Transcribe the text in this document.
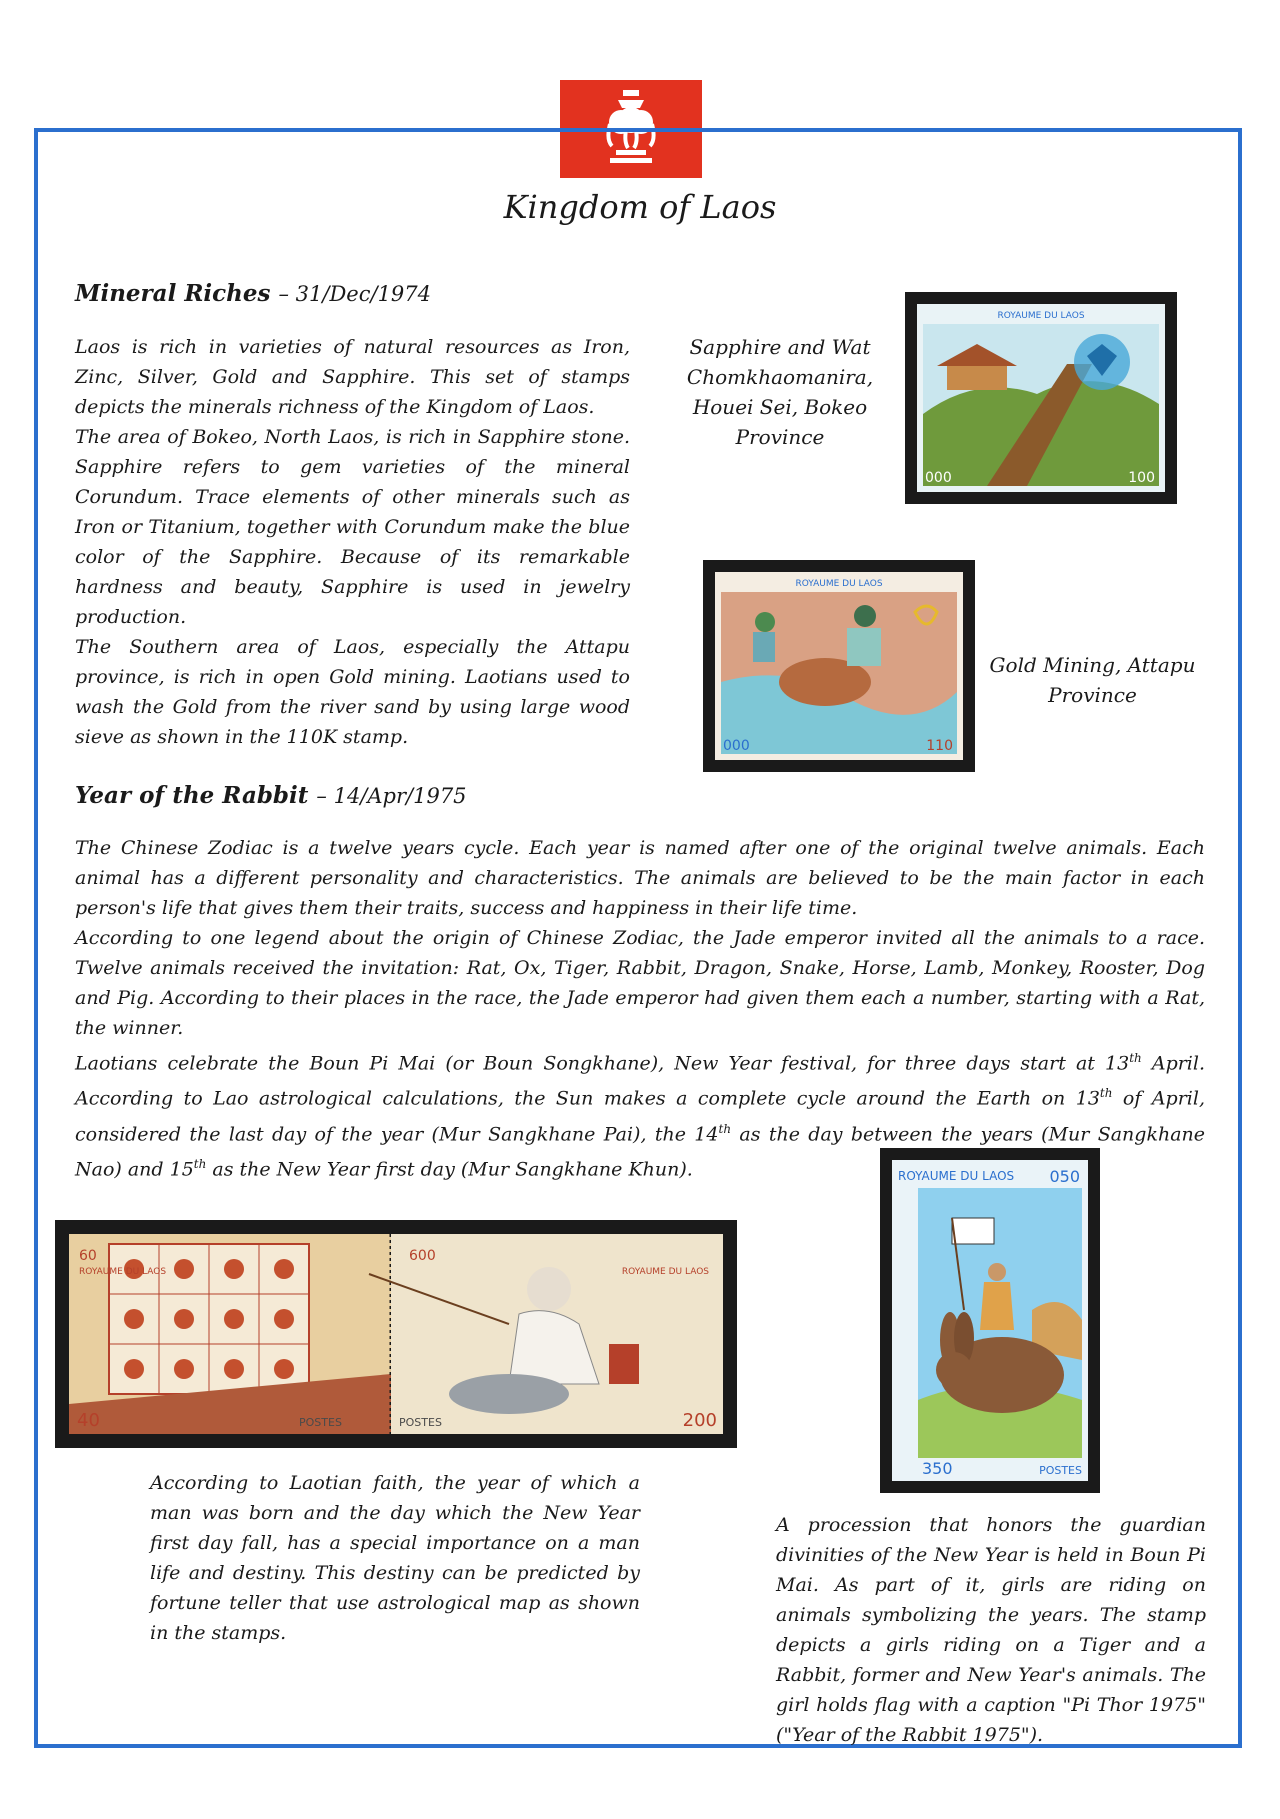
Kingdom of Laos
Mineral Riches – 31/Dec/1974

Laos is rich in varieties of natural resources as Iron, Zinc, Silver, Gold and Sapphire. This set of stamps depicts the minerals richness of the Kingdom of Laos.

The area of Bokeo, North Laos, is rich in Sapphire stone. Sapphire refers to gem varieties of the mineral Corundum. Trace elements of other minerals such as Iron or Titanium, together with Corundum make the blue color of the Sapphire. Because of its remarkable hardness and beauty, Sapphire is used in jewelry production.

The Southern area of Laos, especially the Attapu province, is rich in open Gold mining. Laotians used to wash the Gold from the river sand by using large wood sieve as shown in the 110K stamp.

Sapphire and Wat Chomkhaomanira, Houei Sei, Bokeo Province
ROYAUME DU LAOS
000	100
ROYAUME DU LAOS
000	110
Gold Mining, Attapu Province
Year of the Rabbit – 14/Apr/1975

The Chinese Zodiac is a twelve years cycle. Each year is named after one of the original twelve animals. Each animal has a different personality and characteristics. The animals are believed to be the main factor in each person's life that gives them their traits, success and happiness in their life time.

According to one legend about the origin of Chinese Zodiac, the Jade emperor invited all the animals to a race. Twelve animals received the invitation: Rat, Ox, Tiger, Rabbit, Dragon, Snake, Horse, Lamb, Monkey, Rooster, Dog and Pig. According to their places in the race, the Jade emperor had given them each a number, starting with a Rat, the winner.

Laotians celebrate the Boun Pi Mai (or Boun Songkhane), New Year festival, for three days start at 13th April. According to Lao astrological calculations, the Sun makes a complete cycle around the Earth on 13th of April, considered the last day of the year (Mur Sangkhane Pai), the 14th as the day between the years (Mur Sangkhane Nao) and 15th as the New Year first day (Mur Sangkhane Khun).

60
40	POSTES
600
200
POSTES
ROYAUME DU LAOS
ROYAUME DU LAOS
According to Laotian faith, the year of which a man was born and the day which the New Year first day fall, has a special importance on a man life and destiny. This destiny can be predicted by fortune teller that use astrological map as shown in the stamps.
ROYAUME DU LAOS 050
350	POSTES
A procession that honors the guardian divinities of the New Year is held in Boun Pi Mai. As part of it, girls are riding on animals symbolizing the years. The stamp depicts a girls riding on a Tiger and a Rabbit, former and New Year's animals. The girl holds flag with a caption "Pi Thor 1975" ("Year of the Rabbit 1975").
